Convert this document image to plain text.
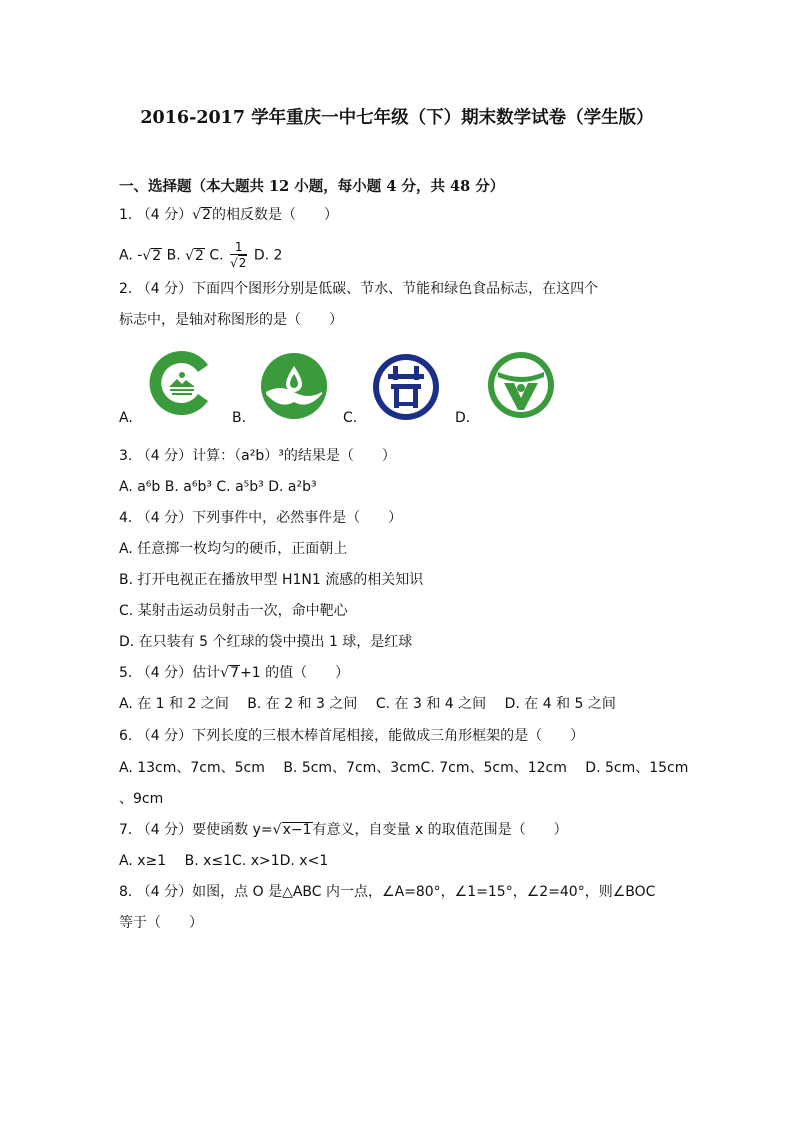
2016-2017 学年重庆一中七年级（下）期末数学试卷（学生版）
一、选择题（本大题共 12 小题，每小题 4 分，共 48 分）
1. （4 分）√2的相反数是（　　）
A. -√2 B. √2 C. $\frac{1}{√2} D$. 2
2. （4 分）下面四个图形分别是低碳、节水、节能和绿色食品标志，在这四个
标志中，是轴对称图形的是（　　）
A.	B.	C.	D.
3. （4 分）计算：（a²b）³的结果是（　　）
A. a⁶b B. a⁶b³ C. a⁵b³ D. a²b³
4. （4 分）下列事件中，必然事件是（　　）
A. 任意掷一枚均匀的硬币，正面朝上
B. 打开电视正在播放甲型 H1N1 流感的相关知识
C. 某射击运动员射击一次，命中靶心
D. 在只装有 5 个红球的袋中摸出 1 球，是红球
5. （4 分）估计√7+1 的值（　　）
A. 在 1 和 2 之间　 B. 在 2 和 3 之间　 C. 在 3 和 4 之间　 D. 在 4 和 5 之间
6. （4 分）下列长度的三根木棒首尾相接，能做成三角形框架的是（　　）
A. 13cm、7cm、5cm　 B. 5cm、7cm、3cmC. 7cm、5cm、12cm　 D. 5cm、15cm
、9cm
7. （4 分）要使函数 y=√x−1有意义，自变量 x 的取值范围是（　　）
A. x≥1　 B. x≤1C. x>1D. x<1
8. （4 分）如图，点 O 是△ABC 内一点，∠A=80°，∠1=15°，∠2=40°，则∠BOC
等于（　　）
